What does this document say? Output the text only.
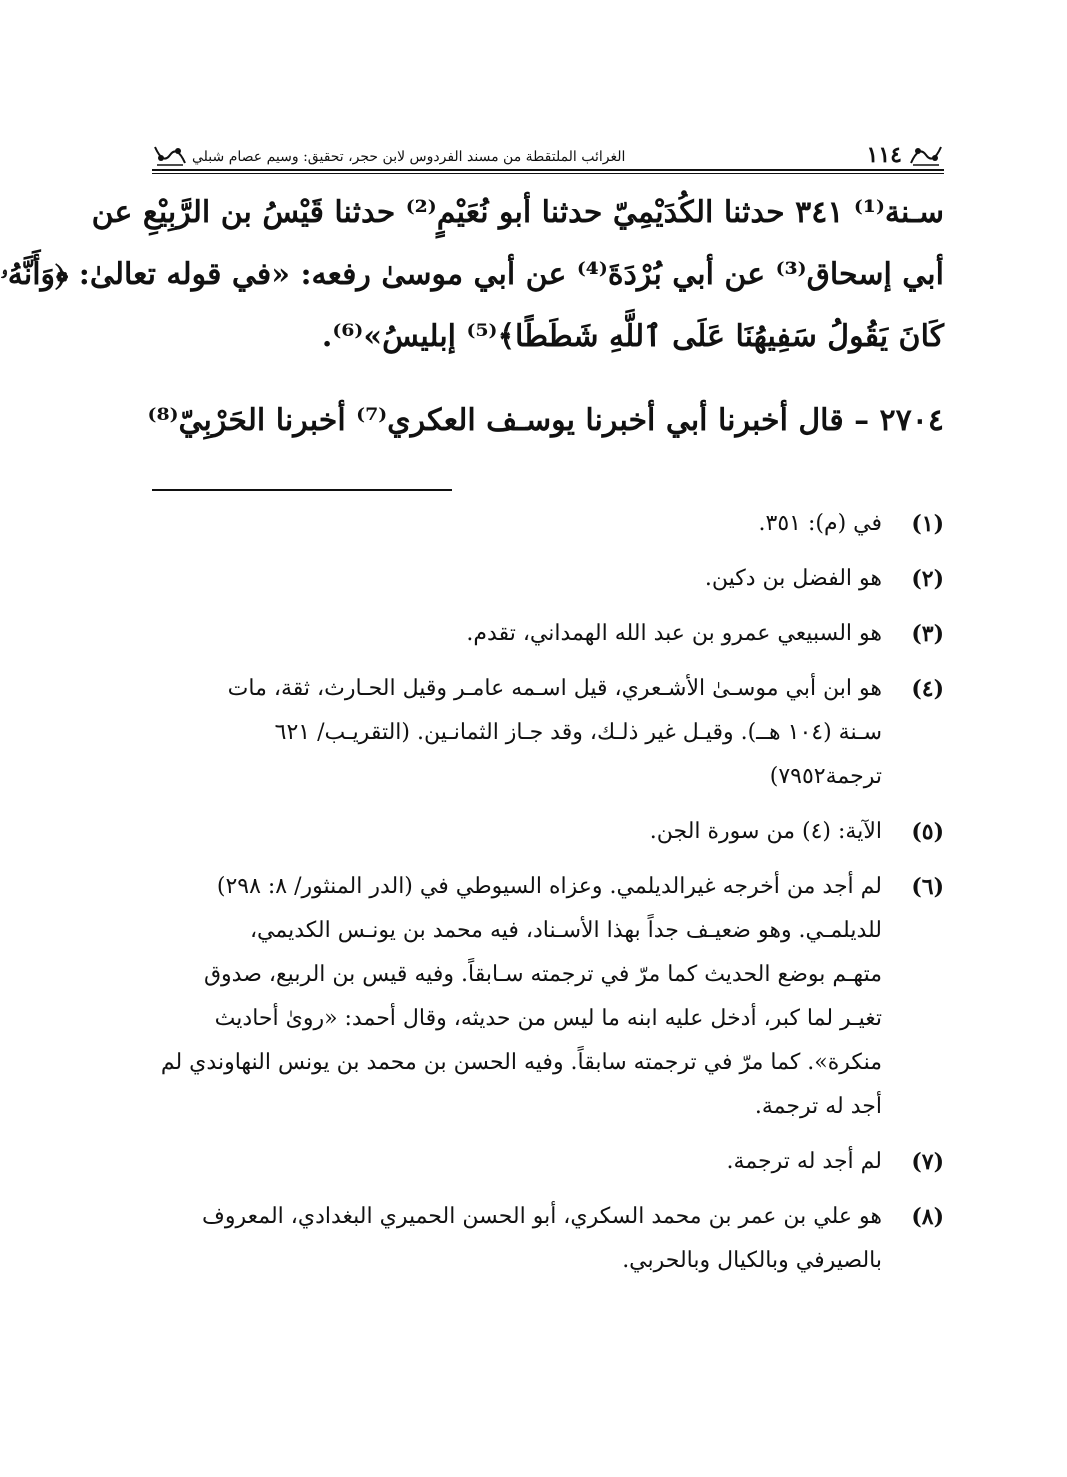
١١٤
الغرائب الملتقطة من مسند الفردوس لابن حجر، تحقيق: وسيم عصام شبلي
سـنة⁽¹⁾ ٣٤١ حدثنا الكُدَيْمِيّ حدثنا أبو نُعَيْمٍ⁽²⁾ حدثنا قَيْسُ بن الرَّبِيْعِ عن
أبي إسحاق⁽³⁾ عن أبي بُرْدَةَ⁽⁴⁾ عن أبي موسىٰ رفعه: «في قوله تعالىٰ: ﴿وَأَنَّهُۥ
كَانَ يَقُولُ سَفِيهُنَا عَلَى ٱللَّهِ شَطَطًا﴾⁽⁵⁾ إبليسُ»⁽⁶⁾.
٢٧٠٤ – قال أخبرنا أبي أخبرنا يوسـف العكري⁽⁷⁾ أخبرنا الحَرْبِيّ⁽⁸⁾
(١)
في (م): ٣٥١.
(٢)
هو الفضل بن دكين.
(٣)
هو السبيعي عمرو بن عبد الله الهمداني، تقدم.
(٤)
هو ابن أبي موسـىٰ الأشـعري، قيل اسـمه عامـر وقيل الحـارث، ثقة، مات
سـنة (١٠٤ هــ). وقيـل غير ذلـك، وقد جـاز الثمانـين. (التقريـب/ ٦٢١
ترجمة٧٩٥٢)
(٥)
الآية: (٤) من سورة الجن.
(٦)
لم أجد من أخرجه غيرالديلمي. وعزاه السيوطي في (الدر المنثور/ ٨: ٢٩٨)
للديلمـي. وهو ضعيـف جداً بهذا الأسـناد، فيه محمد بن يونـس الكديمي،
متهـم بوضع الحديث كما مرّ في ترجمته سـابقاً. وفيه قيس بن الربيع، صدوق
تغيـر لما كبر، أدخل عليه ابنه ما ليس من حديثه، وقال أحمد: «روىٰ أحاديث
منكرة». كما مرّ في ترجمته سابقاً. وفيه الحسن بن محمد بن يونس النهاوندي لم
أجد له ترجمة.
(٧)
لم أجد له ترجمة.
(٨)
هو علي بن عمر بن محمد السكري، أبو الحسن الحميري البغدادي، المعروف
بالصيرفي وبالكيال وبالحربي.
